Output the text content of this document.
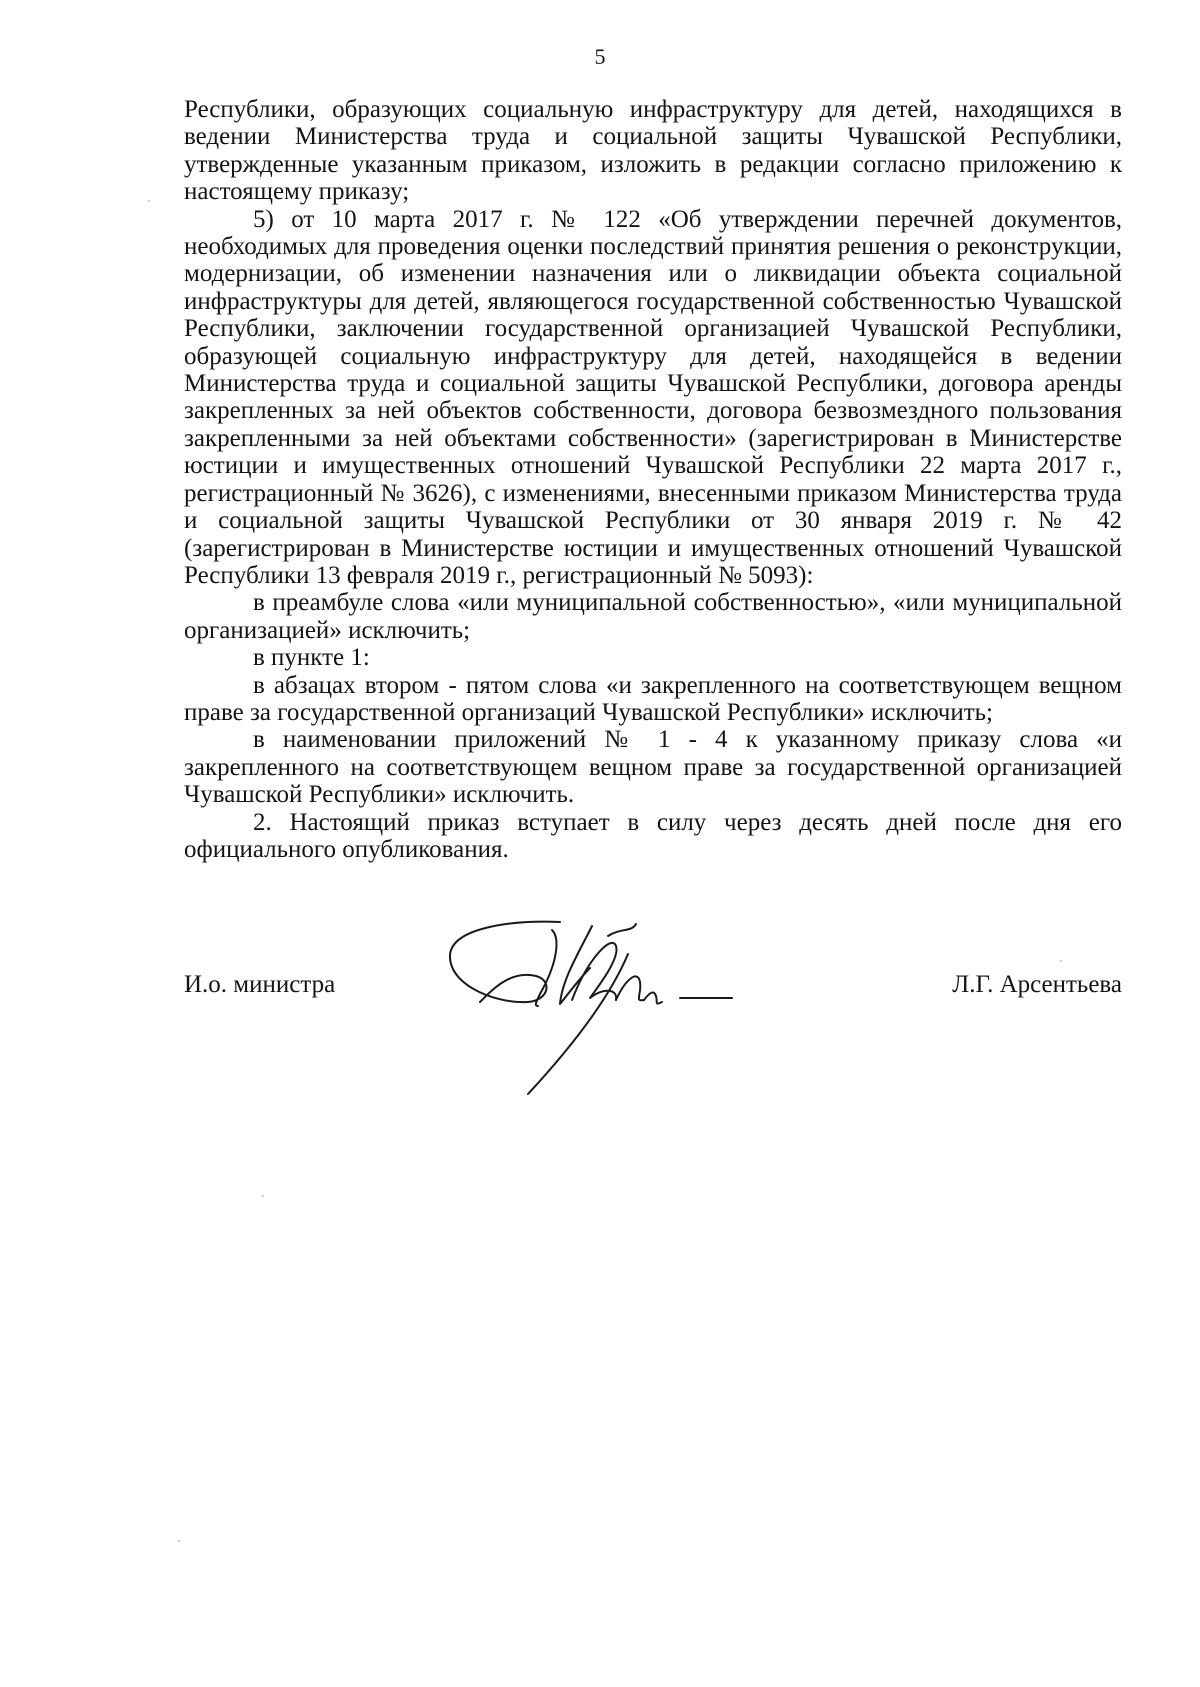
5

Республики, образующих социальную инфраструктуру для детей, находящихся в ведении Министерства труда и социальной защиты Чувашской Республики, утвержденные указанным приказом, изложить в редакции согласно приложению к настоящему приказу;

5) от 10 марта 2017 г. № 122 «Об утверждении перечней документов, необходимых для проведения оценки последствий принятия решения о реконструкции, модернизации, об изменении назначения или о ликвидации объекта социальной инфраструктуры для детей, являющегося государственной собственностью Чувашской Республики, заключении государственной организацией Чувашской Республики, образующей социальную инфраструктуру для детей, находящейся в ведении Министерства труда и социальной защиты Чувашской Республики, договора аренды закрепленных за ней объектов собственности, договора безвозмездного пользования закрепленными за ней объектами собственности» (зарегистрирован в Министерстве юстиции и имущественных отношений Чувашской Республики 22 марта 2017 г., регистрационный № 3626), с изменениями, внесенными приказом Министерства труда и социальной защиты Чувашской Республики от 30 января 2019 г. № 42 (зарегистрирован в Министерстве юстиции и имущественных отношений Чувашской Республики 13 февраля 2019 г., регистрационный № 5093):

в преамбуле слова «или муниципальной собственностью», «или муниципальной организацией» исключить;

в пункте 1:

в абзацах втором - пятом слова «и закрепленного на соответствующем вещном праве за государственной организаций Чувашской Республики» исключить;

в наименовании приложений № 1 - 4 к указанному приказу слова «и закрепленного на соответствующем вещном праве за государственной организацией Чувашской Республики» исключить.

2. Настоящий приказ вступает в силу через десять дней после дня его официального опубликования.

И.о. министра	Л.Г. Арсентьева
